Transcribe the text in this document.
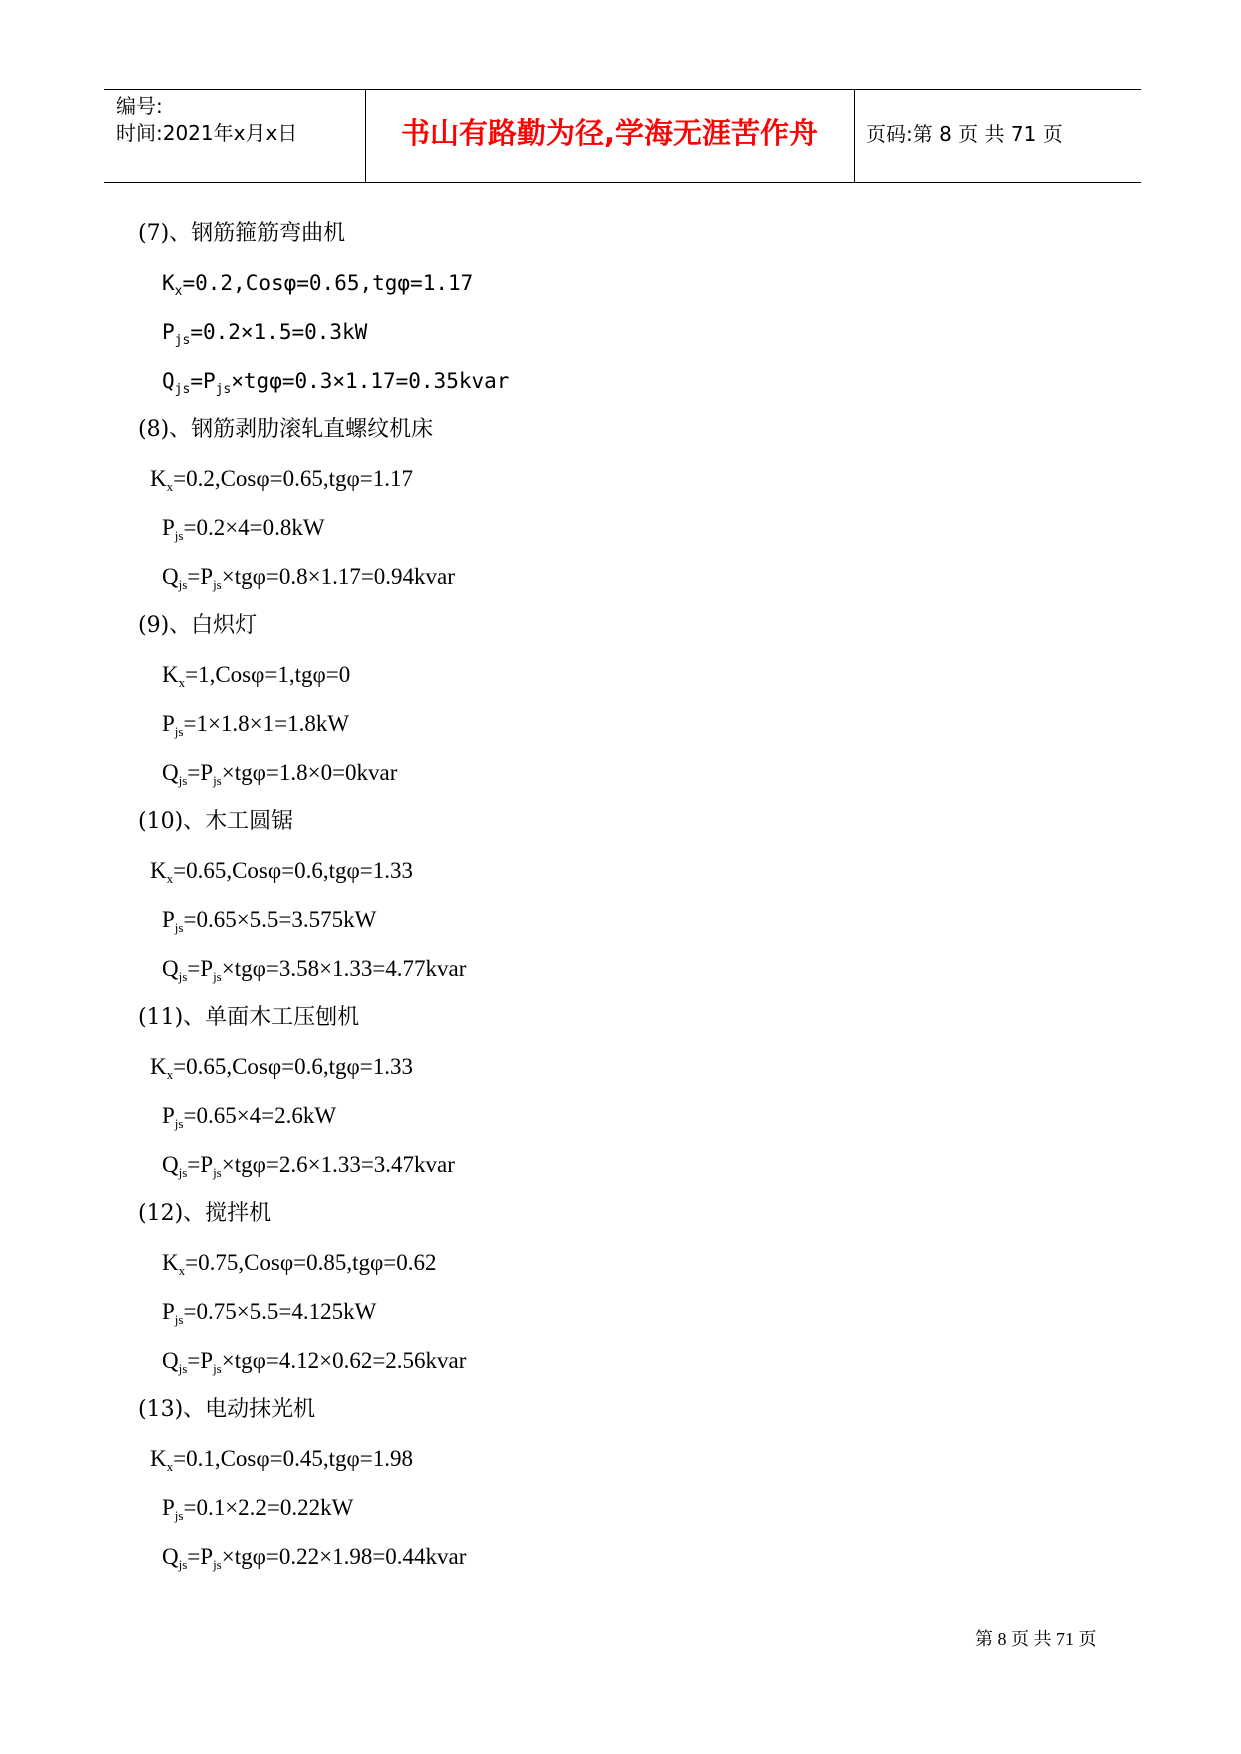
编号:
时间:2021年x月x日	书山有路勤为径,学海无涯苦作舟	页码:第 8 页 共 71 页
(7)、钢筋箍筋弯曲机
$K_x=0.2,Cos\varphi=0.65,tg\varphi=1.17$
$P_{js}=0.2\times 1.5=0.3kW$
$Q_{js}=P_{js}\times tg\varphi=0.3\times 1.17=0.35kvar$
(8)、钢筋剥肋滚轧直螺纹机床
$K_x=0.2,Cos\varphi=0.65,tg\varphi=1.17$
$P_{js}=0.2\times 4=0.8kW$
$Q_{js}=P_{js}\times tg\varphi=0.8\times 1.17=0.94kvar$
(9)、白炽灯
$K_x=1,Cos\varphi=1,tg\varphi=0$
$P_{js}=1\times 1.8\times 1=1.8kW$
$Q_{js}=P_{js}\times tg\varphi=1.8\times 0=0kvar$
(10)、木工圆锯
$K_x=0.65,Cos\varphi=0.6,tg\varphi=1.33$
$P_{js}=0.65\times 5.5=3.575kW$
$Q_{js}=P_{js}\times tg\varphi=3.58\times 1.33=4.77kvar$
(11)、单面木工压刨机
$K_x=0.65,Cos\varphi=0.6,tg\varphi=1.33$
$P_{js}=0.65\times 4=2.6kW$
$Q_{js}=P_{js}\times tg\varphi=2.6\times 1.33=3.47kvar$
(12)、搅拌机
$K_x=0.75,Cos\varphi=0.85,tg\varphi=0.62$
$P_{js}=0.75\times 5.5=4.125kW$
$Q_{js}=P_{js}\times tg\varphi=4.12\times 0.62=2.56kvar$
(13)、电动抹光机
$K_x=0.1,Cos\varphi=0.45,tg\varphi=1.98$
$P_{js}=0.1\times 2.2=0.22kW$
$Q_{js}=P_{js}\times tg\varphi=0.22\times 1.98=0.44kvar$
第 8 页 共 71 页
